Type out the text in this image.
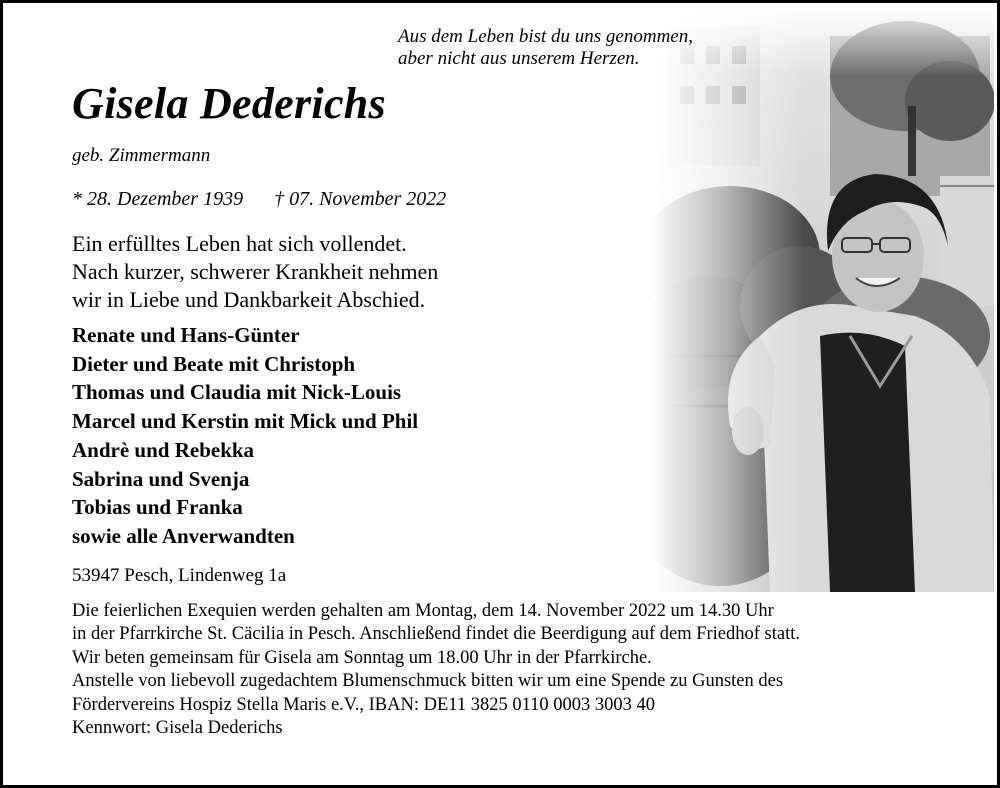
Aus dem Leben bist du uns genommen,
aber nicht aus unserem Herzen.
Gisela Dederichs
geb. Zimmermann
* 28. Dezember 1939 † 07. November 2022
Ein erfülltes Leben hat sich vollendet.
Nach kurzer, schwerer Krankheit nehmen
wir in Liebe und Dankbarkeit Abschied.
Renate und Hans-Günter
Dieter und Beate mit Christoph
Thomas und Claudia mit Nick-Louis
Marcel und Kerstin mit Mick und Phil
Andrè und Rebekka
Sabrina und Svenja
Tobias und Franka
sowie alle Anverwandten
53947 Pesch, Lindenweg 1a
Die feierlichen Exequien werden gehalten am Montag, dem 14. November 2022 um 14.30 Uhr
in der Pfarrkirche St. Cäcilia in Pesch. Anschließend findet die Beerdigung auf dem Friedhof statt.
Wir beten gemeinsam für Gisela am Sonntag um 18.00 Uhr in der Pfarrkirche.
Anstelle von liebevoll zugedachtem Blumenschmuck bitten wir um eine Spende zu Gunsten des
Fördervereins Hospiz Stella Maris e.V., IBAN: DE11 3825 0110 0003 3003 40
Kennwort: Gisela Dederichs
